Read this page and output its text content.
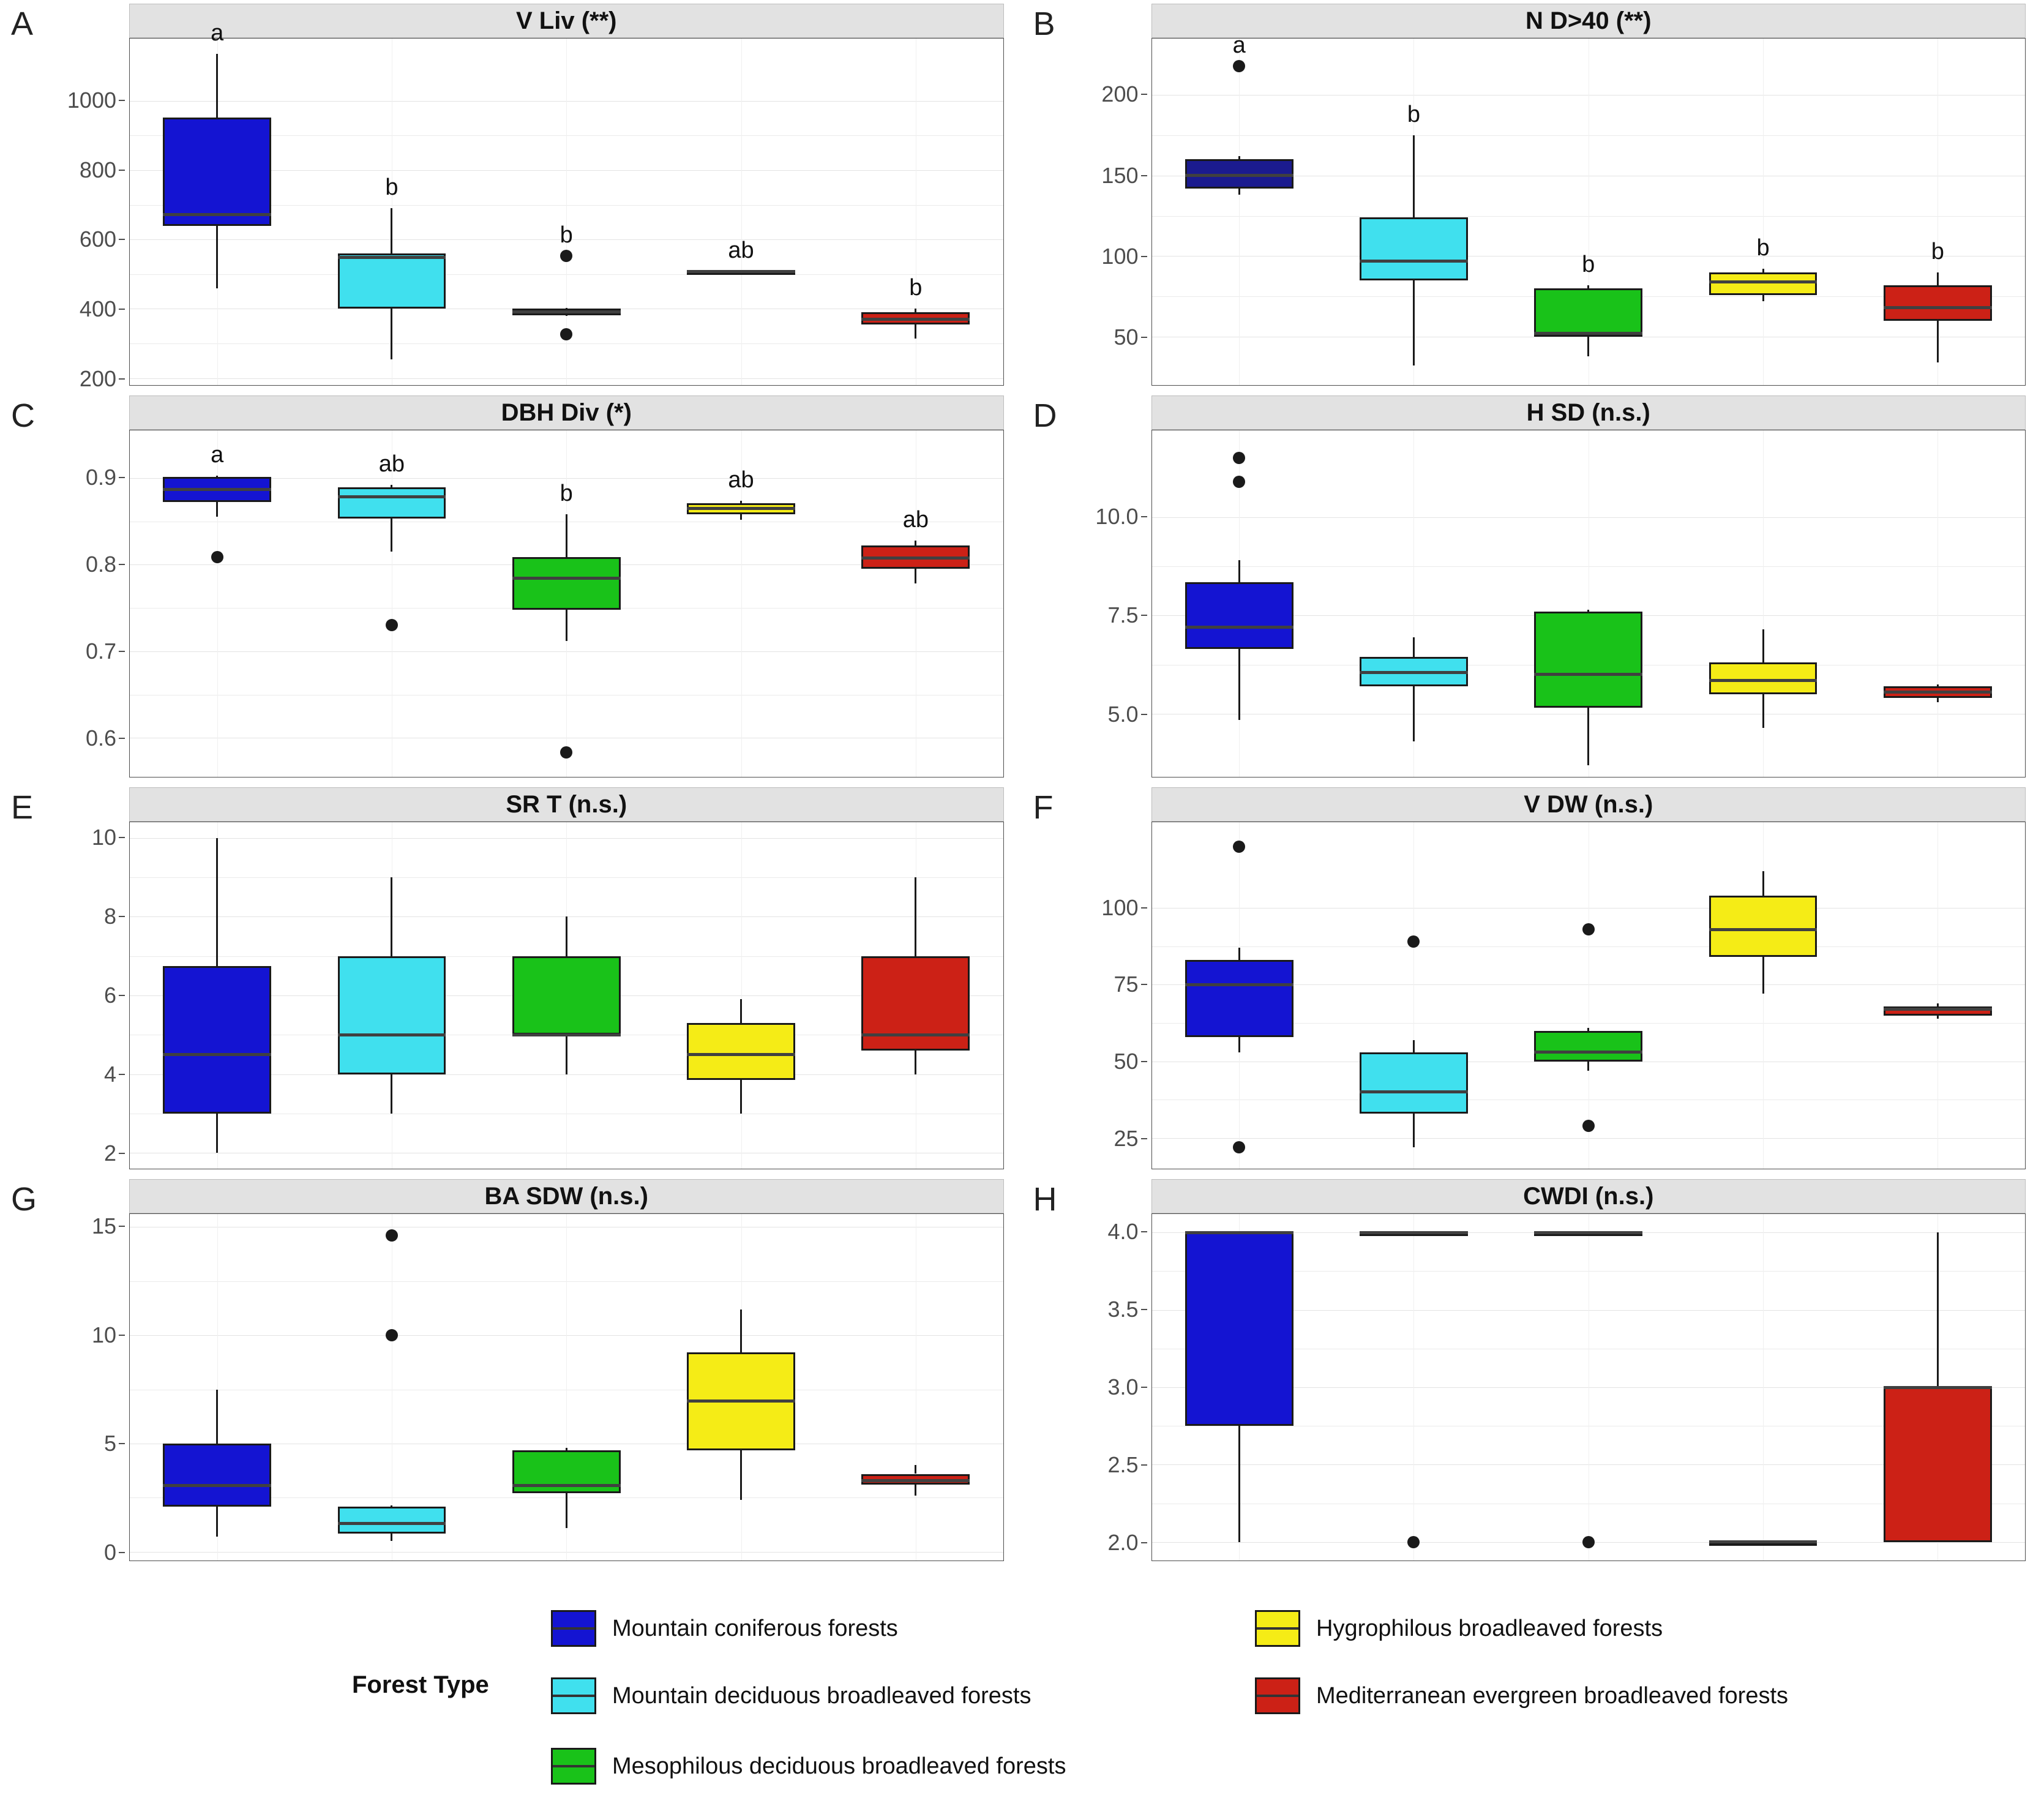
A	V Liv (**)
200
400
600
800
1000
a
b
b
ab
b
B	N D>40 (**)
50
100
150
200
a
b
b
b	b
C	DBH Div (*)
0.6
0.7
0.8
0.9
a	ab
b
ab
ab
D	H SD (n.s.)
5.0
7.5
10.0
E	SR T (n.s.)
2
4
6
8
10
F	V DW (n.s.)
25
50
75
100
G	BA SDW (n.s.)
0
5
10
15
H	CWDI (n.s.)
2.0
2.5
3.0
3.5
4.0
Forest Type
Mountain coniferous forests
Mountain deciduous broadleaved forests
Mesophilous deciduous broadleaved forests
Hygrophilous broadleaved forests
Mediterranean evergreen broadleaved forests
